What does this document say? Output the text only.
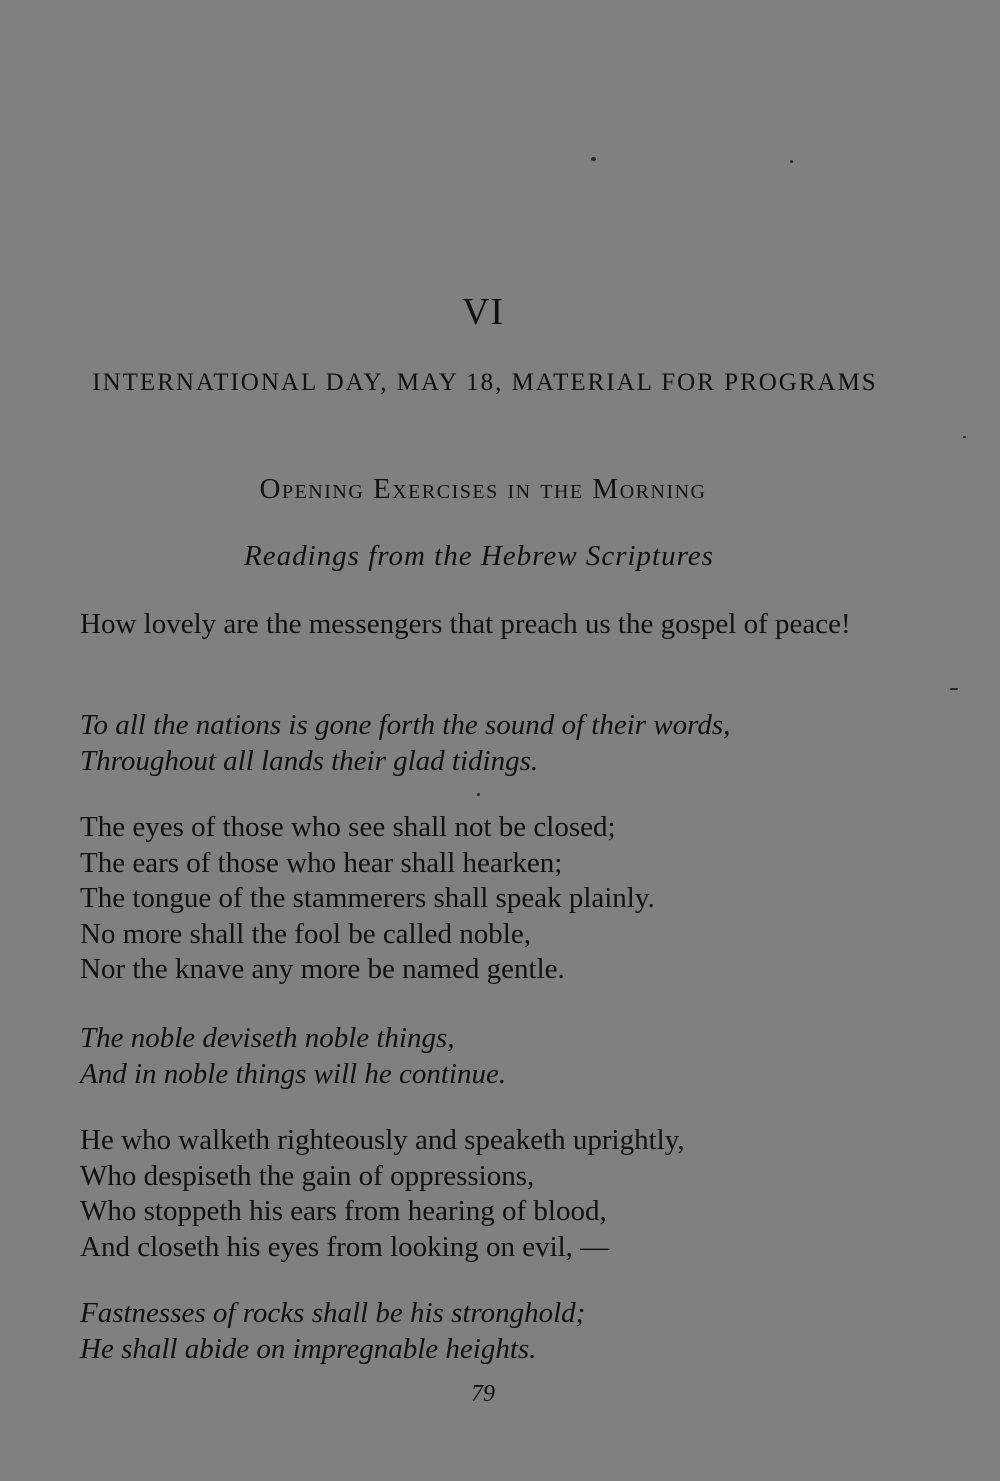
VI
INTERNATIONAL DAY, MAY 18, MATERIAL FOR PROGRAMS
Opening Exercises in the Morning
Readings from the Hebrew Scriptures
How lovely are the messengers that preach us the gospel of peace!
To all the nations is gone forth the sound of their words,
Throughout all lands their glad tidings.
The eyes of those who see shall not be closed;
The ears of those who hear shall hearken;
The tongue of the stammerers shall speak plainly.
No more shall the fool be called noble,
Nor the knave any more be named gentle.
The noble deviseth noble things,
And in noble things will he continue.
He who walketh righteously and speaketh uprightly,
Who despiseth the gain of oppressions,
Who stoppeth his ears from hearing of blood,
And closeth his eyes from looking on evil, —
Fastnesses of rocks shall be his stronghold;
He shall abide on impregnable heights.
79
